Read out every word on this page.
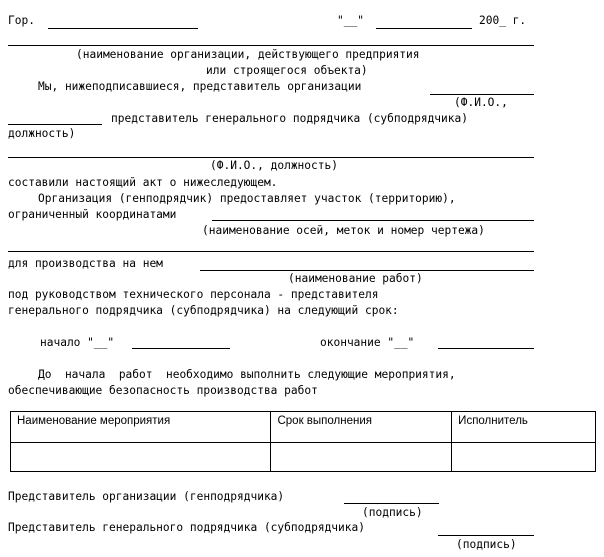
Гор.	"__"	200_ г.
(наименование организации, действующего предприятия
или строящегося объекта)
Мы, нижеподписавшиеся, представитель организации
(Ф.И.О.,
представитель генерального подрядчика (субподрядчика)
должность)
(Ф.И.О., должность)
составили настоящий акт о нижеследующем.
Организация (генподрядчик) предоставляет участок (территорию),
ограниченный координатами
(наименование осей, меток и номер чертежа)
для производства на нем
(наименование работ)
под руководством технического персонала - представителя
генерального подрядчика (субподрядчика) на следующий срок:
начало "__"	окончание "__"
До  начала  работ  необходимо выполнить следующие мероприятия,
обеспечивающие безопасность производства работ
Наименование мероприятия	Срок выполнения	Исполнитель

Представитель организации (генподрядчика)
(подпись)
Представитель генерального подрядчика (субподрядчика)
(подпись)
